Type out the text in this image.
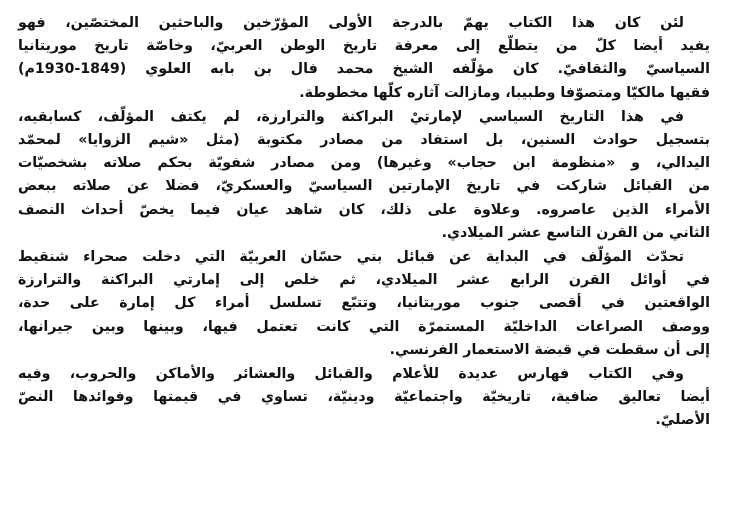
لئن كان هذا الكتاب يهمّ بالدرجة الأولى المؤرّخين والباحثين المختصّين، فهو
يفيد أيضا كلّ من يتطلّع إلى معرفة تاريخ الوطن العربيّ، وخاصّة تاريخ موريتانيا
السياسيّ والثقافيّ. كان مؤلّفه الشيخ محمد فال بن بابه العلوي (1849-1930م)
فقيها مالكيّا ومتصوّفا وطبيبا، ومازالت آثاره كلّها مخطوطة.

في هذا التاريخ السياسي لإمارتيْ البراكنة والترارزة، لم يكتف المؤلّف، كسابقيه،
بتسجيل حوادث السنين، بل استفاد من مصادر مكتوبة (مثل «شيم الزوايا» لمحمّد
اليدالي، و «منظومة ابن حجاب» وغيرها) ومن مصادر شفويّة بحكم صلاته بشخصيّات
من القبائل شاركت في تاريخ الإمارتين السياسيّ والعسكريّ، فضلا عن صلاته ببعض
الأمراء الذين عاصروه. وعلاوة على ذلك، كان شاهد عيان فيما يخصّ أحداث النصف
الثاني من القرن التاسع عشر الميلادي.

تحدّث المؤلّف في البداية عن قبائل بني حسّان العربيّة التي دخلت صحراء شنقيط
في أوائل القرن الرابع عشر الميلادي، ثم خلص إلى إمارتي البراكنة والترارزة
الواقعتين في أقصى جنوب موريتانيا، وتتبّع تسلسل أمراء كل إمارة على حدة،
ووصف الصراعات الداخليّة المستمرّة التي كانت تعتمل فيها، وبينها وبين جيرانها،
إلى أن سقطت في قبضة الاستعمار الفرنسي.

وفي الكتاب فهارس عديدة للأعلام والقبائل والعشائر والأماكن والحروب، وفيه
أيضا تعاليق ضافية، تاريخيّة واجتماعيّة ودينيّة، تساوي في قيمتها وفوائدها النصّ
الأصليّ.
